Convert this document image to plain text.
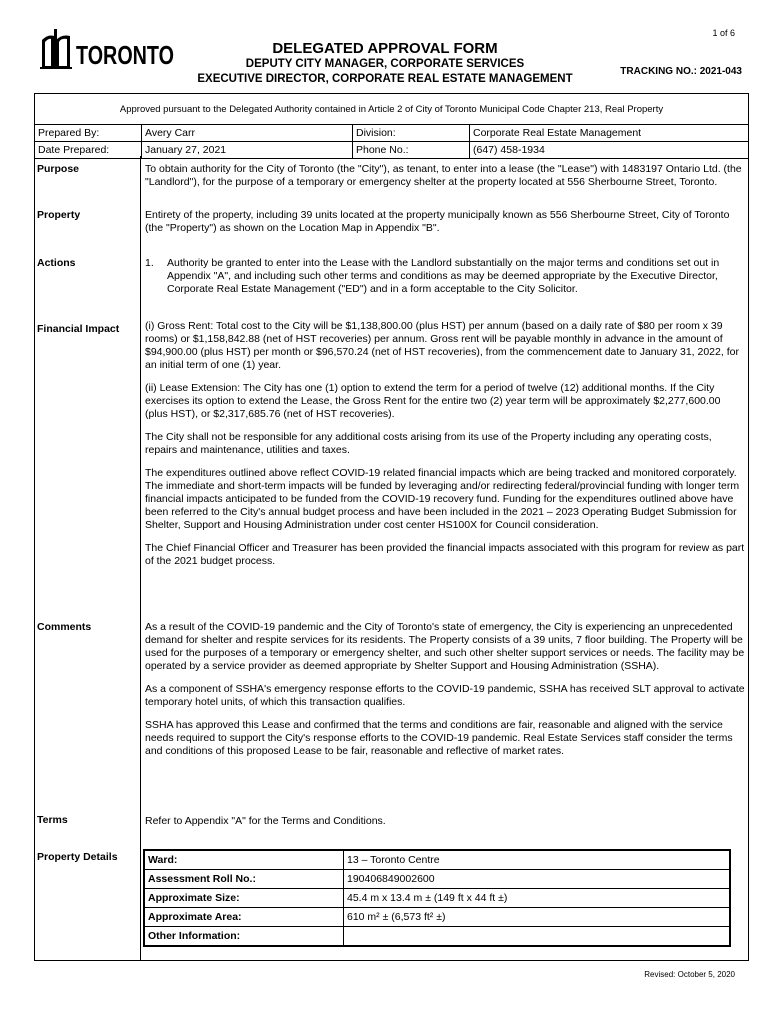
1 of 6
TORONTO	DELEGATED APPROVAL FORM
DEPUTY CITY MANAGER, CORPORATE SERVICES
EXECUTIVE DIRECTOR, CORPORATE REAL ESTATE MANAGEMENT
TRACKING NO.: 2021-043
Approved pursuant to the Delegated Authority contained in Article 2 of City of Toronto Municipal Code Chapter 213, Real Property
Prepared By:	Avery Carr	Division:	Corporate Real Estate Management
Date Prepared:	January 27, 2021	Phone No.:	(647) 458-1934
Purpose	To obtain authority for the City of Toronto (the "City"), as tenant, to enter into a lease (the "Lease") with 1483197 Ontario Ltd. (the "Landlord"), for the purpose of a temporary or emergency shelter at the property located at 556 Sherbourne Street, Toronto.

Property	Entirety of the property, including 39 units located at the property municipally known as 556 Sherbourne Street, City of Toronto (the "Property") as shown on the Location Map in Appendix "B".

Actions	1.	Authority be granted to enter into the Lease with the Landlord substantially on the major terms and conditions set out in Appendix "A", and including such other terms and conditions as may be deemed appropriate by the Executive Director, Corporate Real Estate Management ("ED") and in a form acceptable to the City Solicitor.
Financial Impact (i) Gross Rent: Total cost to the City will be $1,138,800.00 (plus HST) per annum (based on a daily rate of $80 per room x 39 rooms) or $1,158,842.88 (net of HST recoveries) per annum. Gross rent will be payable monthly in advance in the amount of $94,900.00 (plus HST) per month or $96,570.24 (net of HST recoveries), from the commencement date to January 31, 2022, for an initial term of one (1) year.

(ii) Lease Extension: The City has one (1) option to extend the term for a period of twelve (12) additional months. If the City exercises its option to extend the Lease, the Gross Rent for the entire two (2) year term will be approximately $2,277,600.00 (plus HST), or $2,317,685.76 (net of HST recoveries).

The City shall not be responsible for any additional costs arising from its use of the Property including any operating costs, repairs and maintenance, utilities and taxes.

The expenditures outlined above reflect COVID-19 related financial impacts which are being tracked and monitored corporately. The immediate and short-term impacts will be funded by leveraging and/or redirecting federal/provincial funding with longer term financial impacts anticipated to be funded from the COVID-19 recovery fund. Funding for the expenditures outlined above have been referred to the City's annual budget process and have been included in the 2021 – 2023 Operating Budget Submission for Shelter, Support and Housing Administration under cost center HS100X for Council consideration.

The Chief Financial Officer and Treasurer has been provided the financial impacts associated with this program for review as part of the 2021 budget process.

Comments	As a result of the COVID-19 pandemic and the City of Toronto's state of emergency, the City is experiencing an unprecedented demand for shelter and respite services for its residents. The Property consists of a 39 units, 7 floor building. The Property will be used for the purposes of a temporary or emergency shelter, and such other shelter support services or needs. The facility may be operated by a service provider as deemed appropriate by Shelter Support and Housing Administration (SSHA).

As a component of SSHA's emergency response efforts to the COVID-19 pandemic, SSHA has received SLT approval to activate temporary hotel units, of which this transaction qualifies.

SSHA has approved this Lease and confirmed that the terms and conditions are fair, reasonable and aligned with the service needs required to support the City's response efforts to the COVID-19 pandemic. Real Estate Services staff consider the terms and conditions of this proposed Lease to be fair, reasonable and reflective of market rates.

Terms	Refer to Appendix "A" for the Terms and Conditions.

Property Details	Ward:	13 – Toronto Centre
Assessment Roll No.:	190406849002600
Approximate Size:	45.4 m x 13.4 m ± (149 ft x 44 ft ±)
Approximate Area:	610 m² ± (6,573 ft² ±)
Other Information:	
Revised: October 5, 2020
